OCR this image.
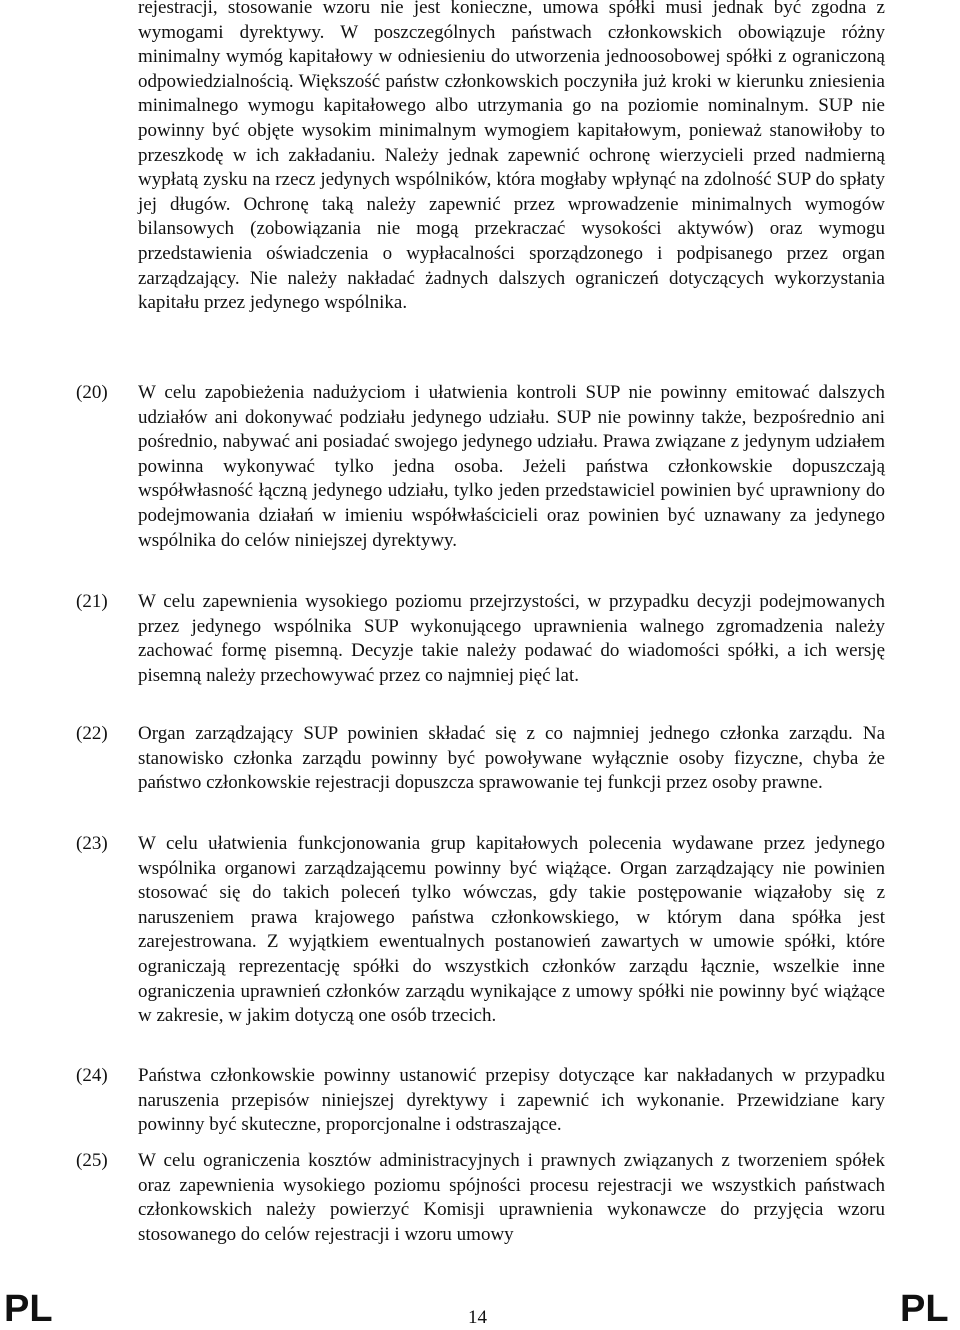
rejestracji, stosowanie wzoru nie jest konieczne, umowa spółki musi jednak być zgodna z wymogami dyrektywy. W poszczególnych państwach członkowskich obowiązuje różny minimalny wymóg kapitałowy w odniesieniu do utworzenia jednoosobowej spółki z ograniczoną odpowiedzialnością. Większość państw członkowskich poczyniła już kroki w kierunku zniesienia minimalnego wymogu kapitałowego albo utrzymania go na poziomie nominalnym. SUP nie powinny być objęte wysokim minimalnym wymogiem kapitałowym, ponieważ stanowiłoby to przeszkodę w ich zakładaniu. Należy jednak zapewnić ochronę wierzycieli przed nadmierną wypłatą zysku na rzecz jedynych wspólników, która mogłaby wpłynąć na zdolność SUP do spłaty jej długów. Ochronę taką należy zapewnić przez wprowadzenie minimalnych wymogów bilansowych (zobowiązania nie mogą przekraczać wysokości aktywów) oraz wymogu przedstawienia oświadczenia o wypłacalności sporządzonego i podpisanego przez organ zarządzający. Nie należy nakładać żadnych dalszych ograniczeń dotyczących wykorzystania kapitału przez jedynego wspólnika.

(20) W celu zapobieżenia nadużyciom i ułatwienia kontroli SUP nie powinny emitować dalszych udziałów ani dokonywać podziału jedynego udziału. SUP nie powinny także, bezpośrednio ani pośrednio, nabywać ani posiadać swojego jedynego udziału. Prawa związane z jedynym udziałem powinna wykonywać tylko jedna osoba. Jeżeli państwa członkowskie dopuszczają współwłasność łączną jedynego udziału, tylko jeden przedstawiciel powinien być uprawniony do podejmowania działań w imieniu współwłaścicieli oraz powinien być uznawany za jedynego wspólnika do celów niniejszej dyrektywy.

(21) W celu zapewnienia wysokiego poziomu przejrzystości, w przypadku decyzji podejmowanych przez jedynego wspólnika SUP wykonującego uprawnienia walnego zgromadzenia należy zachować formę pisemną. Decyzje takie należy podawać do wiadomości spółki, a ich wersję pisemną należy przechowywać przez co najmniej pięć lat.

(22) Organ zarządzający SUP powinien składać się z co najmniej jednego członka zarządu. Na stanowisko członka zarządu powinny być powoływane wyłącznie osoby fizyczne, chyba że państwo członkowskie rejestracji dopuszcza sprawowanie tej funkcji przez osoby prawne.

(23) W celu ułatwienia funkcjonowania grup kapitałowych polecenia wydawane przez jedynego wspólnika organowi zarządzającemu powinny być wiążące. Organ zarządzający nie powinien stosować się do takich poleceń tylko wówczas, gdy takie postępowanie wiązałoby się z naruszeniem prawa krajowego państwa członkowskiego, w którym dana spółka jest zarejestrowana. Z wyjątkiem ewentualnych postanowień zawartych w umowie spółki, które ograniczają reprezentację spółki do wszystkich członków zarządu łącznie, wszelkie inne ograniczenia uprawnień członków zarządu wynikające z umowy spółki nie powinny być wiążące w zakresie, w jakim dotyczą one osób trzecich.

(24) Państwa członkowskie powinny ustanowić przepisy dotyczące kar nakładanych w przypadku naruszenia przepisów niniejszej dyrektywy i zapewnić ich wykonanie. Przewidziane kary powinny być skuteczne, proporcjonalne i odstraszające.

(25) W celu ograniczenia kosztów administracyjnych i prawnych związanych z tworzeniem spółek oraz zapewnienia wysokiego poziomu spójności procesu rejestracji we wszystkich państwach członkowskich należy powierzyć Komisji uprawnienia wykonawcze do przyjęcia wzoru stosowanego do celów rejestracji i wzoru umowy

PL	14	PL
